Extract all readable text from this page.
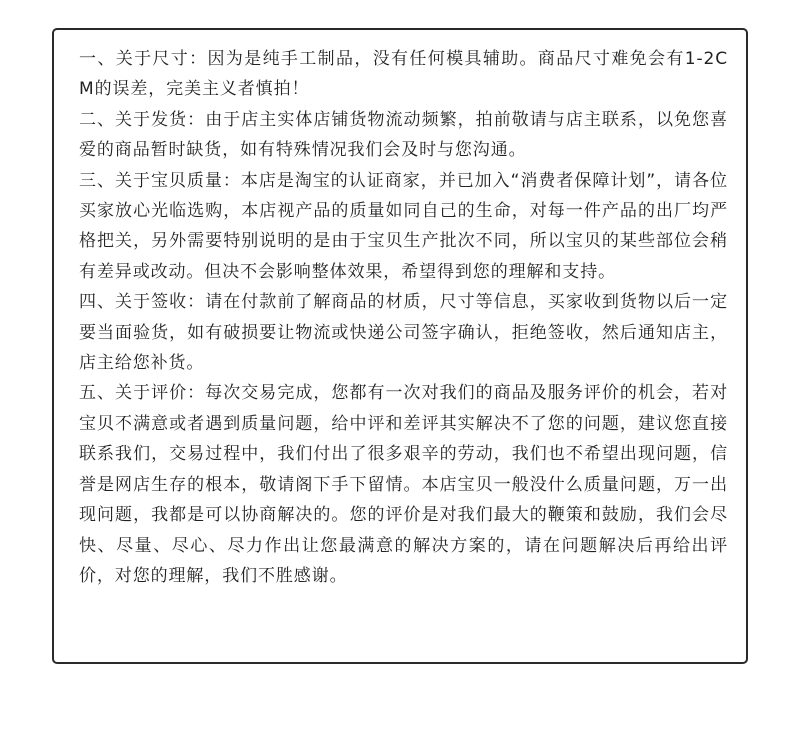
一、关于尺寸：因为是纯手工制品，没有任何模具辅助。商品尺寸难免会有1-2CM的误差，完美主义者慎拍！

二、关于发货：由于店主实体店铺货物流动频繁，拍前敬请与店主联系，以免您喜爱的商品暂时缺货，如有特殊情况我们会及时与您沟通。

三、关于宝贝质量：本店是淘宝的认证商家，并已加入“消费者保障计划”，请各位买家放心光临选购，本店视产品的质量如同自己的生命，对每一件产品的出厂均严格把关，另外需要特别说明的是由于宝贝生产批次不同，所以宝贝的某些部位会稍有差异或改动。但决不会影响整体效果，希望得到您的理解和支持。

四、关于签收：请在付款前了解商品的材质，尺寸等信息，买家收到货物以后一定要当面验货，如有破损要让物流或快递公司签字确认，拒绝签收，然后通知店主，店主给您补货。

五、关于评价：每次交易完成，您都有一次对我们的商品及服务评价的机会，若对宝贝不满意或者遇到质量问题，给中评和差评其实解决不了您的问题，建议您直接联系我们，交易过程中，我们付出了很多艰辛的劳动，我们也不希望出现问题，信誉是网店生存的根本，敬请阁下手下留情。本店宝贝一般没什么质量问题，万一出现问题，我都是可以协商解决的。您的评价是对我们最大的鞭策和鼓励，我们会尽快、尽量、尽心、尽力作出让您最满意的解决方案的，请在问题解决后再给出评价，对您的理解，我们不胜感谢。
